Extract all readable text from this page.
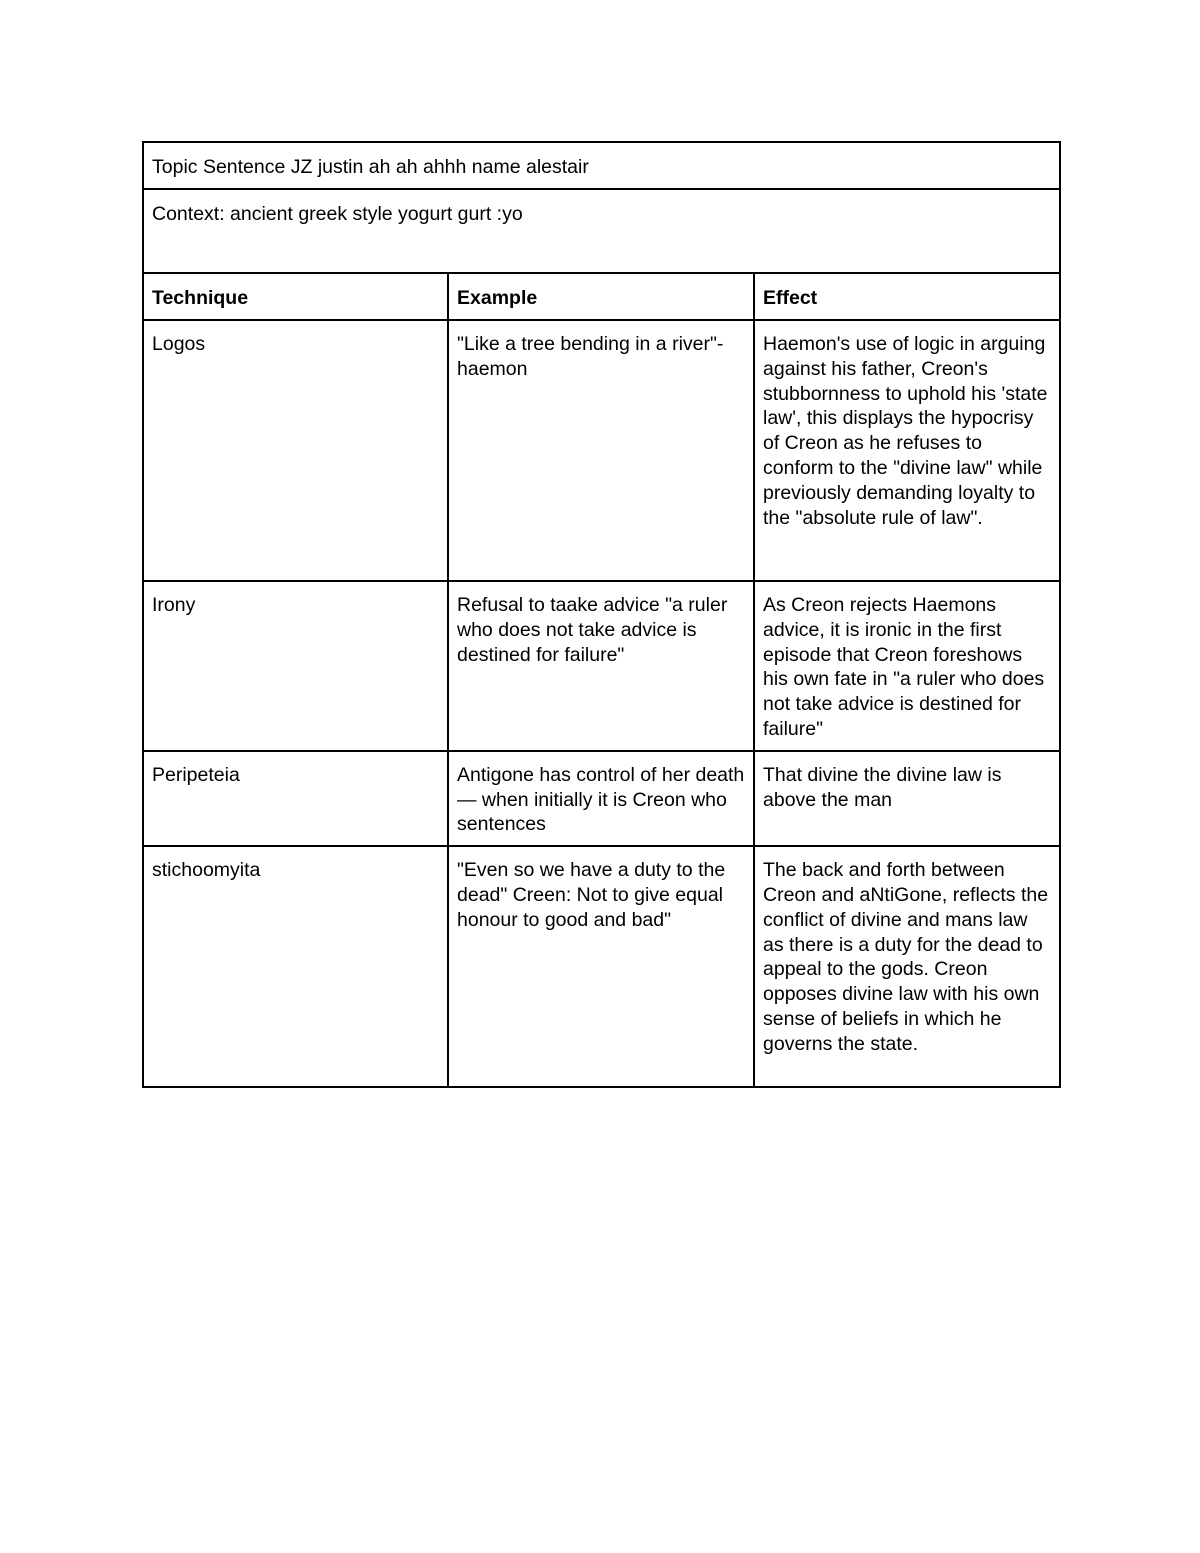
Topic Sentence JZ justin ah ah ahhh name alestair		
Context: ancient greek style yogurt gurt :yo		
Technique	Example	Effect
Logos	"Like a tree bending in a river"- haemon	Haemon's use of logic in arguing against his father, Creon's stubbornness to uphold his 'state law', this displays the hypocrisy of Creon as he refuses to conform to the "divine law" while previously demanding loyalty to the "absolute rule of law".
Irony	Refusal to taake advice "a ruler who does not take advice is destined for failure"	As Creon rejects Haemons advice, it is ironic in the first episode that Creon foreshows his own fate in "a ruler who does not take advice is destined for failure"
Peripeteia	Antigone has control of her death— when initially it is Creon who sentences	That divine the divine law is above the man
stichoomyita	"Even so we have a duty to the dead" Creen: Not to give equal honour to good and bad"	The back and forth between Creon and aNtiGone, reflects the conflict of divine and mans law as there is a duty for the dead to appeal to the gods. Creon opposes divine law with his own sense of beliefs in which he governs the state.
